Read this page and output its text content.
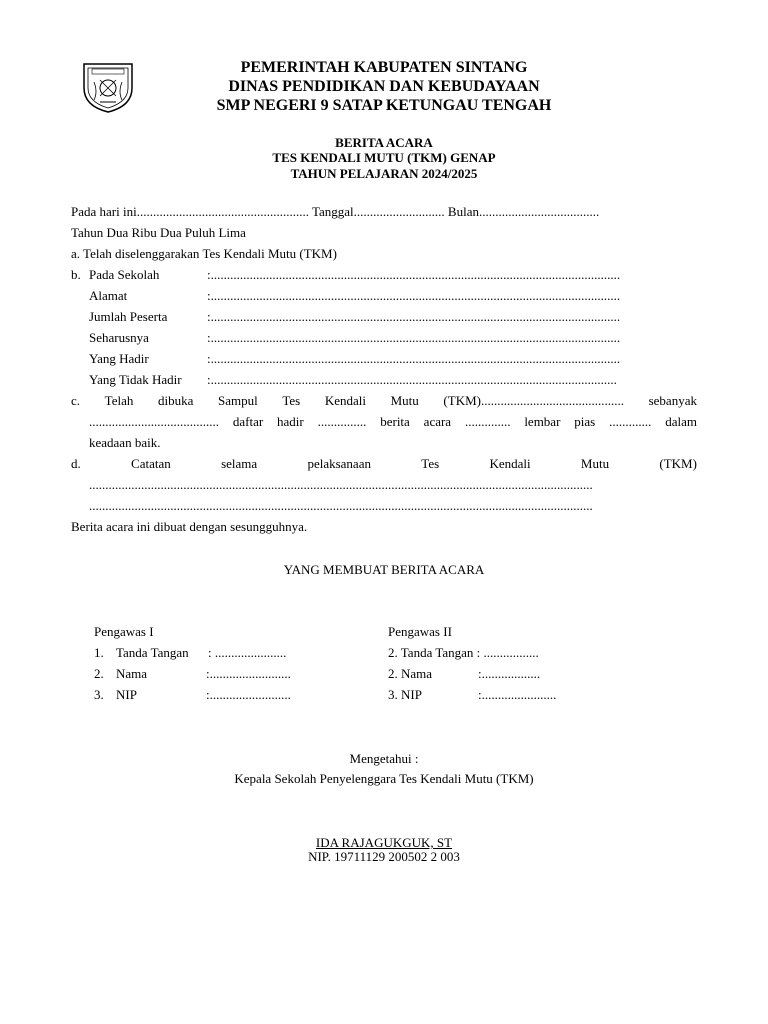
PEMERINTAH KABUPATEN SINTANG
DINAS PENDIDIKAN DAN KEBUDAYAAN
SMP NEGERI 9 SATAP KETUNGAU TENGAH
BERITA ACARA
TES KENDALI MUTU (TKM) GENAP
TAHUN PELAJARAN 2024/2025
Pada hari ini..................................................... Tanggal............................ Bulan.....................................
Tahun Dua Ribu Dua Puluh Lima
a. Telah diselenggarakan Tes Kendali Mutu (TKM)
b. Pada Sekolah	:..............................................................................................................................
Alamat	:..............................................................................................................................
Jumlah Peserta	:..............................................................................................................................
Seharusnya	:..............................................................................................................................
Yang Hadir	:..............................................................................................................................
Yang Tidak Hadir :.............................................................................................................................
c. Telah dibuka Sampul Tes Kendali Mutu (TKM)............................................ sebanyak
........................................ daftar hadir ............... berita acara .............. lembar pias ............. dalam
keadaan baik.
d.	Catatan	selama	pelaksanaan	Tes	Kendali	Mutu	(TKM)
...........................................................................................................................................................
...........................................................................................................................................................
Berita acara ini dibuat dengan sesungguhnya.
YANG MEMBUAT BERITA ACARA
Pengawas I
1. Tanda Tangan : ......................
2. Nama	:.........................
3. NIP	:.........................
Pengawas II
2. Tanda Tangan : .................
2. Nama	:..................
3. NIP	:.......................
Mengetahui :
Kepala Sekolah Penyelenggara Tes Kendali Mutu (TKM)
IDA RAJAGUKGUK, ST
NIP. 19711129 200502 2 003
